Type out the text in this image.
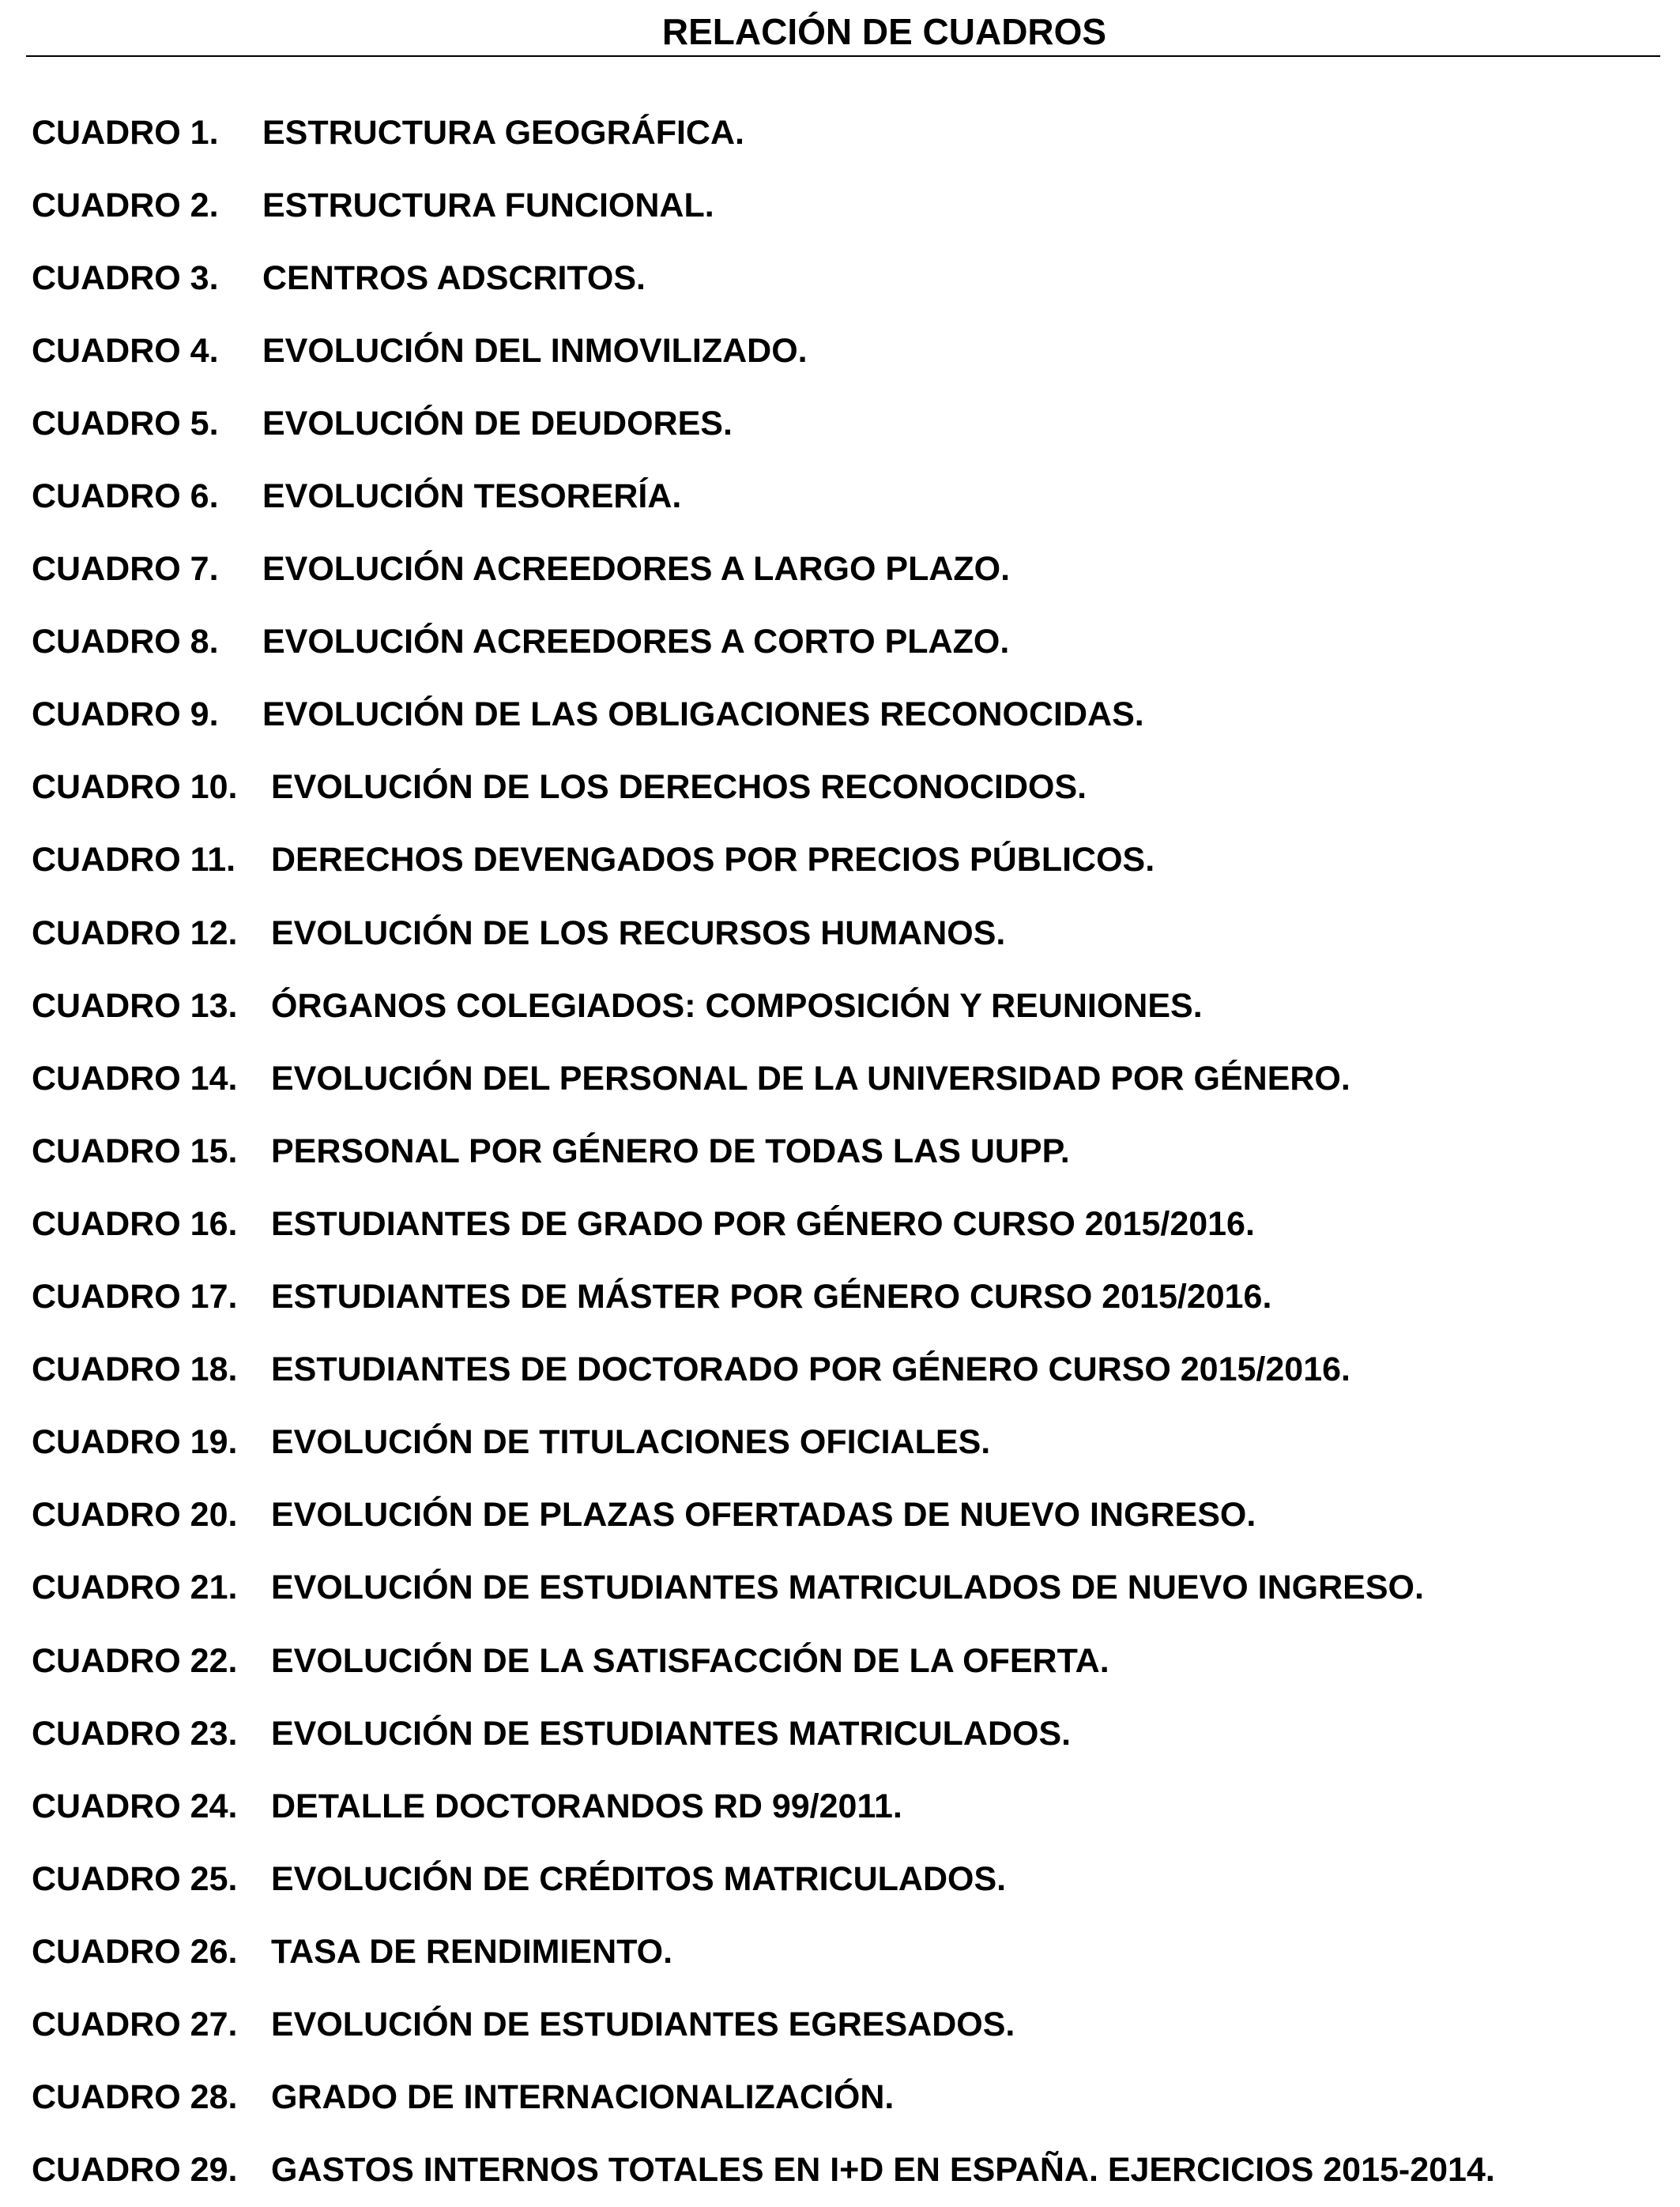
RELACIÓN DE CUADROS
CUADRO 1.	ESTRUCTURA GEOGRÁFICA.
CUADRO 2.	ESTRUCTURA FUNCIONAL.
CUADRO 3.	CENTROS ADSCRITOS.
CUADRO 4.	EVOLUCIÓN DEL INMOVILIZADO.
CUADRO 5.	EVOLUCIÓN DE DEUDORES.
CUADRO 6.	EVOLUCIÓN TESORERÍA.
CUADRO 7.	EVOLUCIÓN ACREEDORES A LARGO PLAZO.
CUADRO 8.	EVOLUCIÓN ACREEDORES A CORTO PLAZO.
CUADRO 9.	EVOLUCIÓN DE LAS OBLIGACIONES RECONOCIDAS.
CUADRO 10. EVOLUCIÓN DE LOS DERECHOS RECONOCIDOS.
CUADRO 11.	DERECHOS DEVENGADOS POR PRECIOS PÚBLICOS.
CUADRO 12. EVOLUCIÓN DE LOS RECURSOS HUMANOS.
CUADRO 13. ÓRGANOS COLEGIADOS: COMPOSICIÓN Y REUNIONES.
CUADRO 14. EVOLUCIÓN DEL PERSONAL DE LA UNIVERSIDAD POR GÉNERO.
CUADRO 15. PERSONAL POR GÉNERO DE TODAS LAS UUPP.
CUADRO 16. ESTUDIANTES DE GRADO POR GÉNERO CURSO 2015/2016.
CUADRO 17. ESTUDIANTES DE MÁSTER POR GÉNERO CURSO 2015/2016.
CUADRO 18. ESTUDIANTES DE DOCTORADO POR GÉNERO CURSO 2015/2016.
CUADRO 19. EVOLUCIÓN DE TITULACIONES OFICIALES.
CUADRO 20. EVOLUCIÓN DE PLAZAS OFERTADAS DE NUEVO INGRESO.
CUADRO 21. EVOLUCIÓN DE ESTUDIANTES MATRICULADOS DE NUEVO INGRESO.
CUADRO 22. EVOLUCIÓN DE LA SATISFACCIÓN DE LA OFERTA.
CUADRO 23. EVOLUCIÓN DE ESTUDIANTES MATRICULADOS.
CUADRO 24. DETALLE DOCTORANDOS RD 99/2011.
CUADRO 25. EVOLUCIÓN DE CRÉDITOS MATRICULADOS.
CUADRO 26. TASA DE RENDIMIENTO.
CUADRO 27. EVOLUCIÓN DE ESTUDIANTES EGRESADOS.
CUADRO 28. GRADO DE INTERNACIONALIZACIÓN.
CUADRO 29. GASTOS INTERNOS TOTALES EN I+D EN ESPAÑA. EJERCICIOS 2015-2014.
